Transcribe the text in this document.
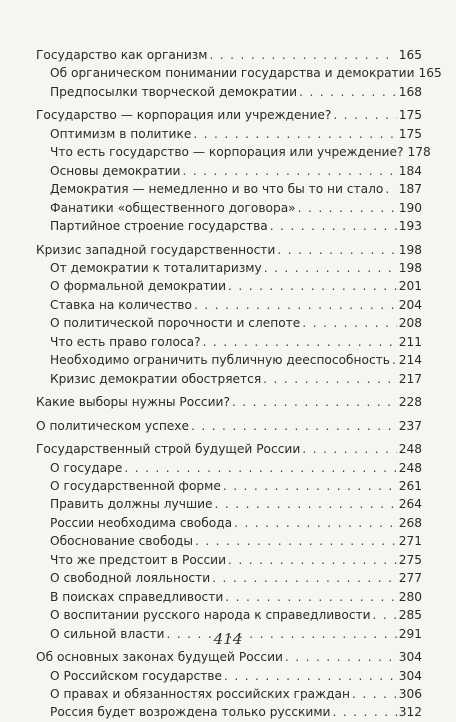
Государство как организм . . .	165
Об органическом понимании государства и демократии 165
Предпосылки творческой демократии . . .	168
Государство — корпорация или учреждение? . . .	175
Оптимизм в политике . . .	175
Что есть государство — корпорация или учреждение? 178
Основы демократии . . .	184
Демократия — немедленно и во что бы то ни стало . . . 187
Фанатики «общественного договора» . . .	190
Партийное строение государства . . .	193
Кризис западной государственности . . .	198
От демократии к тоталитаризму . . .	198
О формальной демократии . . .	201
Ставка на количество . . .	204
О политической порочности и слепоте . . .	208
Что есть право голоса? . . .	211
Необходимо ограничить публичную дееспособность . . . 214
Кризис демократии обостряется . . .	217
Какие выборы нужны России? . . .	228
О политическом успехе . . .	237
Государственный строй будущей России . . .	248
О государе . . .	248
О государственной форме . . .	261
Править должны лучшие . . .	264
России необходима свобода . . .	268
Обоснование свободы . . .	271
Что же предстоит в России . . .	275
О свободной лояльности . . .	277
В поисках справедливости . . .	280
О воспитании русского народа к справедливости . . . 285
О сильной власти . . .	291
Об основных законах будущей России . . .	304
О Российском государстве . . .	304
О правах и обязанностях российских граждан . . .	306
Россия будет возрождена только русскими . . .	312
414
